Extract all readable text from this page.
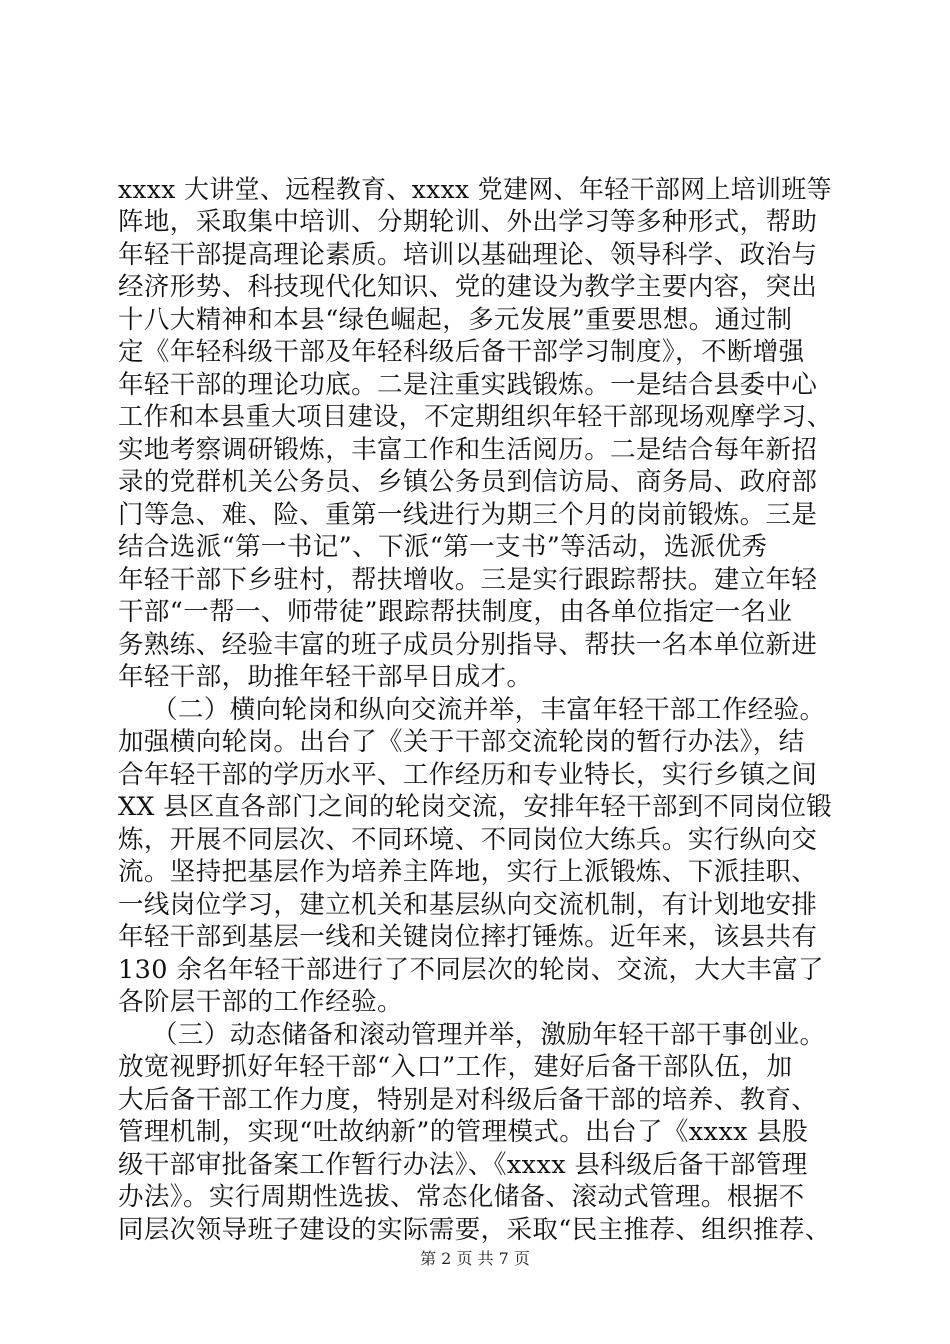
xxxx 大讲堂、远程教育、xxxx 党建网、年轻干部网上培训班等
阵地，采取集中培训、分期轮训、外出学习等多种形式，帮助
年轻干部提高理论素质。培训以基础理论、领导科学、政治与
经济形势、科技现代化知识、党的建设为教学主要内容，突出
十八大精神和本县“绿色崛起，多元发展”重要思想。通过制
定《年轻科级干部及年轻科级后备干部学习制度》，不断增强
年轻干部的理论功底。二是注重实践锻炼。一是结合县委中心
工作和本县重大项目建设，不定期组织年轻干部现场观摩学习、
实地考察调研锻炼，丰富工作和生活阅历。二是结合每年新招
录的党群机关公务员、乡镇公务员到信访局、商务局、政府部
门等急、难、险、重第一线进行为期三个月的岗前锻炼。三是
结合选派“第一书记”、下派“第一支书”等活动，选派优秀
年轻干部下乡驻村，帮扶增收。三是实行跟踪帮扶。建立年轻
干部“一帮一、师带徒”跟踪帮扶制度，由各单位指定一名业
务熟练、经验丰富的班子成员分别指导、帮扶一名本单位新进
年轻干部，助推年轻干部早日成才。
（二）横向轮岗和纵向交流并举，丰富年轻干部工作经验。
加强横向轮岗。出台了《关于干部交流轮岗的暂行办法》，结
合年轻干部的学历水平、工作经历和专业特长，实行乡镇之间
XX 县区直各部门之间的轮岗交流，安排年轻干部到不同岗位锻
炼，开展不同层次、不同环境、不同岗位大练兵。实行纵向交
流。坚持把基层作为培养主阵地，实行上派锻炼、下派挂职、
一线岗位学习，建立机关和基层纵向交流机制，有计划地安排
年轻干部到基层一线和关键岗位摔打锤炼。近年来，该县共有
130 余名年轻干部进行了不同层次的轮岗、交流，大大丰富了
各阶层干部的工作经验。
（三）动态储备和滚动管理并举，激励年轻干部干事创业。
放宽视野抓好年轻干部“入口”工作，建好后备干部队伍，加
大后备干部工作力度，特别是对科级后备干部的培养、教育、
管理机制，实现“吐故纳新”的管理模式。出台了《xxxx 县股
级干部审批备案工作暂行办法》、《xxxx 县科级后备干部管理
办法》。实行周期性选拔、常态化储备、滚动式管理。根据不
同层次领导班子建设的实际需要，采取“民主推荐、组织推荐、
第 2 页 共 7 页
